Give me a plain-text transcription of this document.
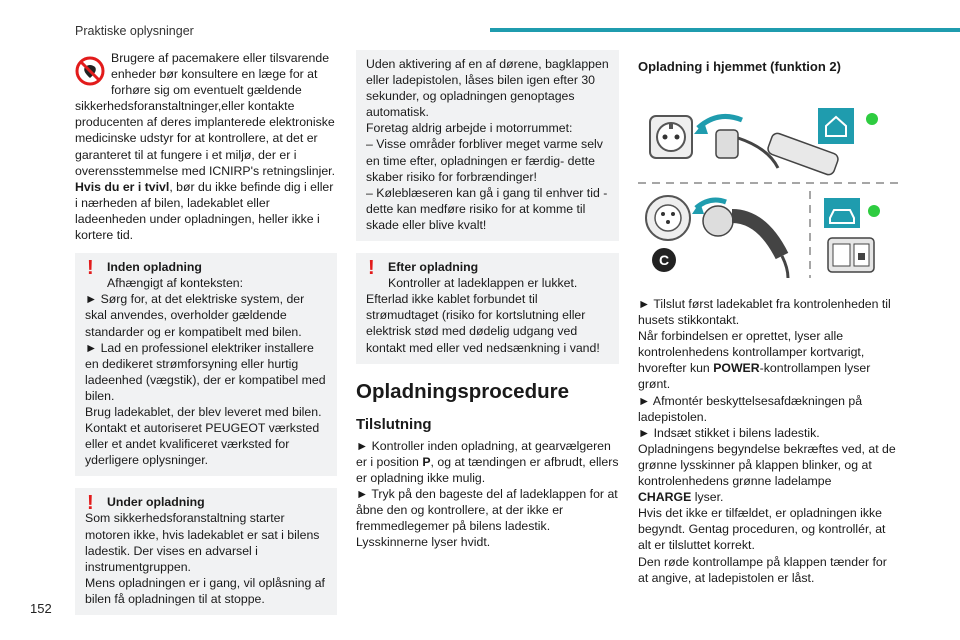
Praktiske oplysninger
152

Brugere af pacemakere eller tilsvarende enheder bør konsultere en læge for at forhøre sig om eventuelt gældende sikkerhedsforanstaltninger,eller kontakte producenten af deres implanterede elektroniske medicinske udstyr for at kontrollere, at det er garanteret til at fungere i et miljø, der er i overensstemmelse med ICNIRP's retningslinjer.
Hvis du er i tvivl, bør du ikke befinde dig i eller i nærheden af bilen, ladekablet eller ladeenheden under opladningen, heller ikke i kortere tid.

! Inden opladning
Afhængigt af konteksten:

► Sørg for, at det elektriske system, der skal anvendes, overholder gældende standarder og er kompatibelt med bilen.

► Lad en professionel elektriker installere en dedikeret strømforsyning eller hurtig ladeenhed (vægstik), der er kompatibel med bilen.

Brug ladekablet, der blev leveret med bilen. Kontakt et autoriseret PEUGEOT værksted eller et andet kvalificeret værksted for yderligere oplysninger.

! Under opladning

Som sikkerhedsforanstaltning starter motoren ikke, hvis ladekablet er sat i bilens ladestik. Der vises en advarsel i instrumentgruppen.

Mens opladningen er i gang, vil oplåsning af bilen få opladningen til at stoppe.

Uden aktivering af en af dørene, bagklappen eller ladepistolen, låses bilen igen efter 30 sekunder, og opladningen genoptages automatisk.

Foretag aldrig arbejde i motorrummet:

– Visse områder forbliver meget varme selv en time efter, opladningen er færdig- dette skaber risiko for forbrændinger!

– Køleblæseren kan gå i gang til enhver tid - dette kan medføre risiko for at komme til skade eller blive kvalt!

! Efter opladning
Kontroller at ladeklappen er lukket.

Efterlad ikke kablet forbundet til strømudtaget (risiko for kortslutning eller elektrisk stød med dødelig udgang ved kontakt med eller ved nedsænkning i vand!

Opladningsprocedure
Tilslutning

► Kontroller inden opladning, at gearvælgeren er i position P, og at tændingen er afbrudt, ellers er opladning ikke mulig.

► Tryk på den bageste del af ladeklappen for at åbne den og kontrollere, at der ikke er fremmedlegemer på bilens ladestik.

Lysskinnerne lyser hvidt.

Opladning i hjemmet (funktion 2)
C

► Tilslut først ladekablet fra kontrolenheden til husets stikkontakt.

Når forbindelsen er oprettet, lyser alle kontrolenhedens kontrollamper kortvarigt, hvorefter kun POWER-kontrollampen lyser grønt.

► Afmontér beskyttelsesafdækningen på ladepistolen.

► Indsæt stikket i bilens ladestik.

Opladningens begyndelse bekræftes ved, at de grønne lysskinner på klappen blinker, og at kontrolenhedens grønne ladelampe

CHARGE lyser.

Hvis det ikke er tilfældet, er opladningen ikke begyndt. Gentag proceduren, og kontrollér, at alt er tilsluttet korrekt.

Den røde kontrollampe på klappen tænder for at angive, at ladepistolen er låst.
